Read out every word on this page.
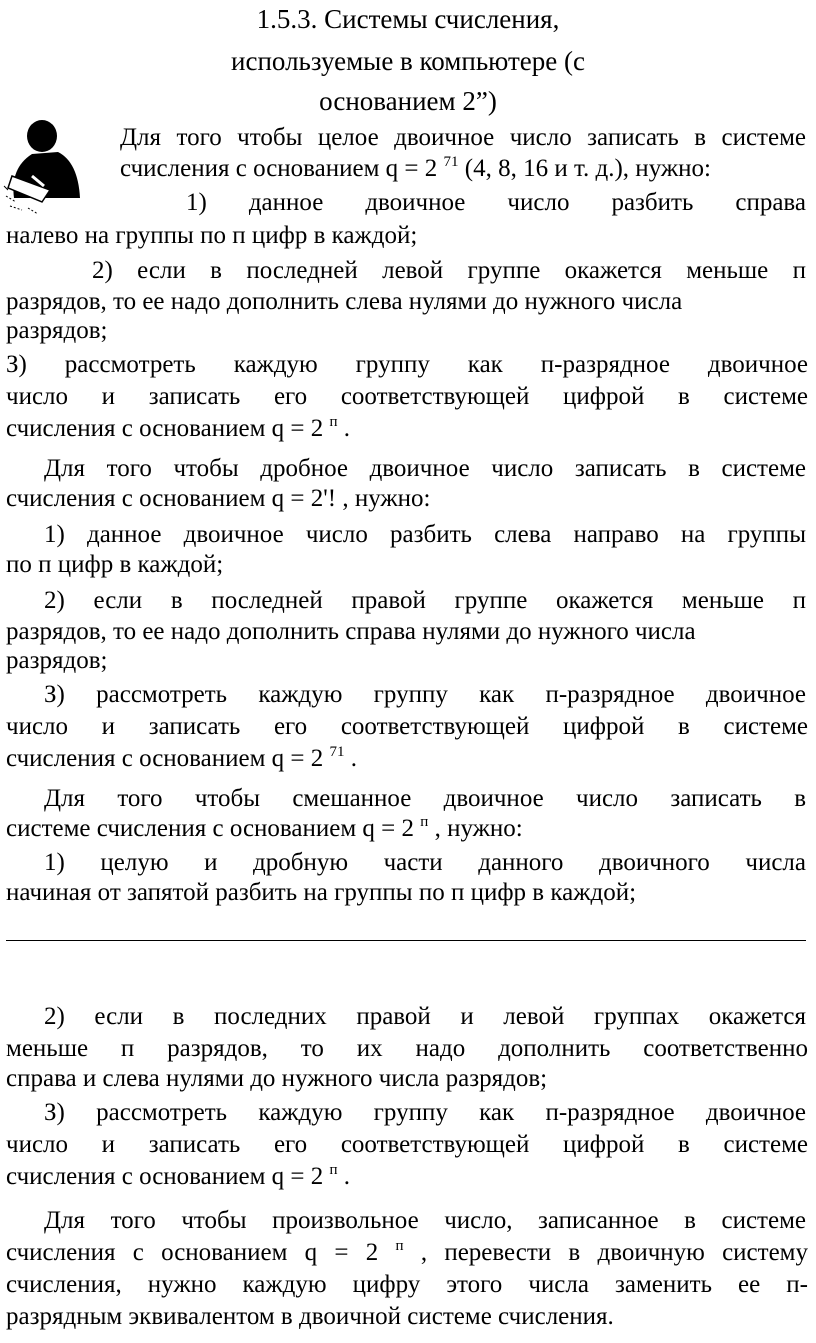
1.5.3. Системы счисления,
используемые в компьютере (с
основанием 2”)
Для того чтобы целое двоичное число записать в системе
счисления с основанием q = 2 $^{71}$ (4, 8, 16 и т. д.), нужно:
1) данное двоичное число разбить справа
налево на группы по п цифр в каждой;
2) если в последней левой группе окажется меньше п
разрядов, то ее надо дополнить слева нулями до нужного числа
разрядов;
З) рассмотреть каждую группу как п-разрядное двоичное
число и записать его соответствующей цифрой в системе
счисления с основанием q = 2 $^п$ .
Для того чтобы дробное двоичное число записать в системе
счисления с основанием q = 2'! , нужно:
1) данное двоичное число разбить слева направо на группы
по п цифр в каждой;
2) если в последней правой группе окажется меньше п
разрядов, то ее надо дополнить справа нулями до нужного числа
разрядов;
З) рассмотреть каждую группу как п-разрядное двоичное
число и записать его соответствующей цифрой в системе
счисления с основанием q = 2 $^{71}$ .
Для того чтобы смешанное двоичное число записать в
системе счисления с основанием q = 2 $^п$ , нужно:
1) целую и дробную части данного двоичного числа
начиная от запятой разбить на группы по п цифр в каждой;
2) если в последних правой и левой группах окажется
меньше п разрядов, то их надо дополнить соответственно
справа и слева нулями до нужного числа разрядов;
З) рассмотреть каждую группу как п-разрядное двоичное
число и записать его соответствующей цифрой в системе
счисления с основанием q = 2 $^п$ .
Для того чтобы произвольное число, записанное в системе
счисления с основанием q = 2 $^п$ , перевести в двоичную систему
счисления, нужно каждую цифру этого числа заменить ее п-
разрядным эквивалентом в двоичной системе счисления.
